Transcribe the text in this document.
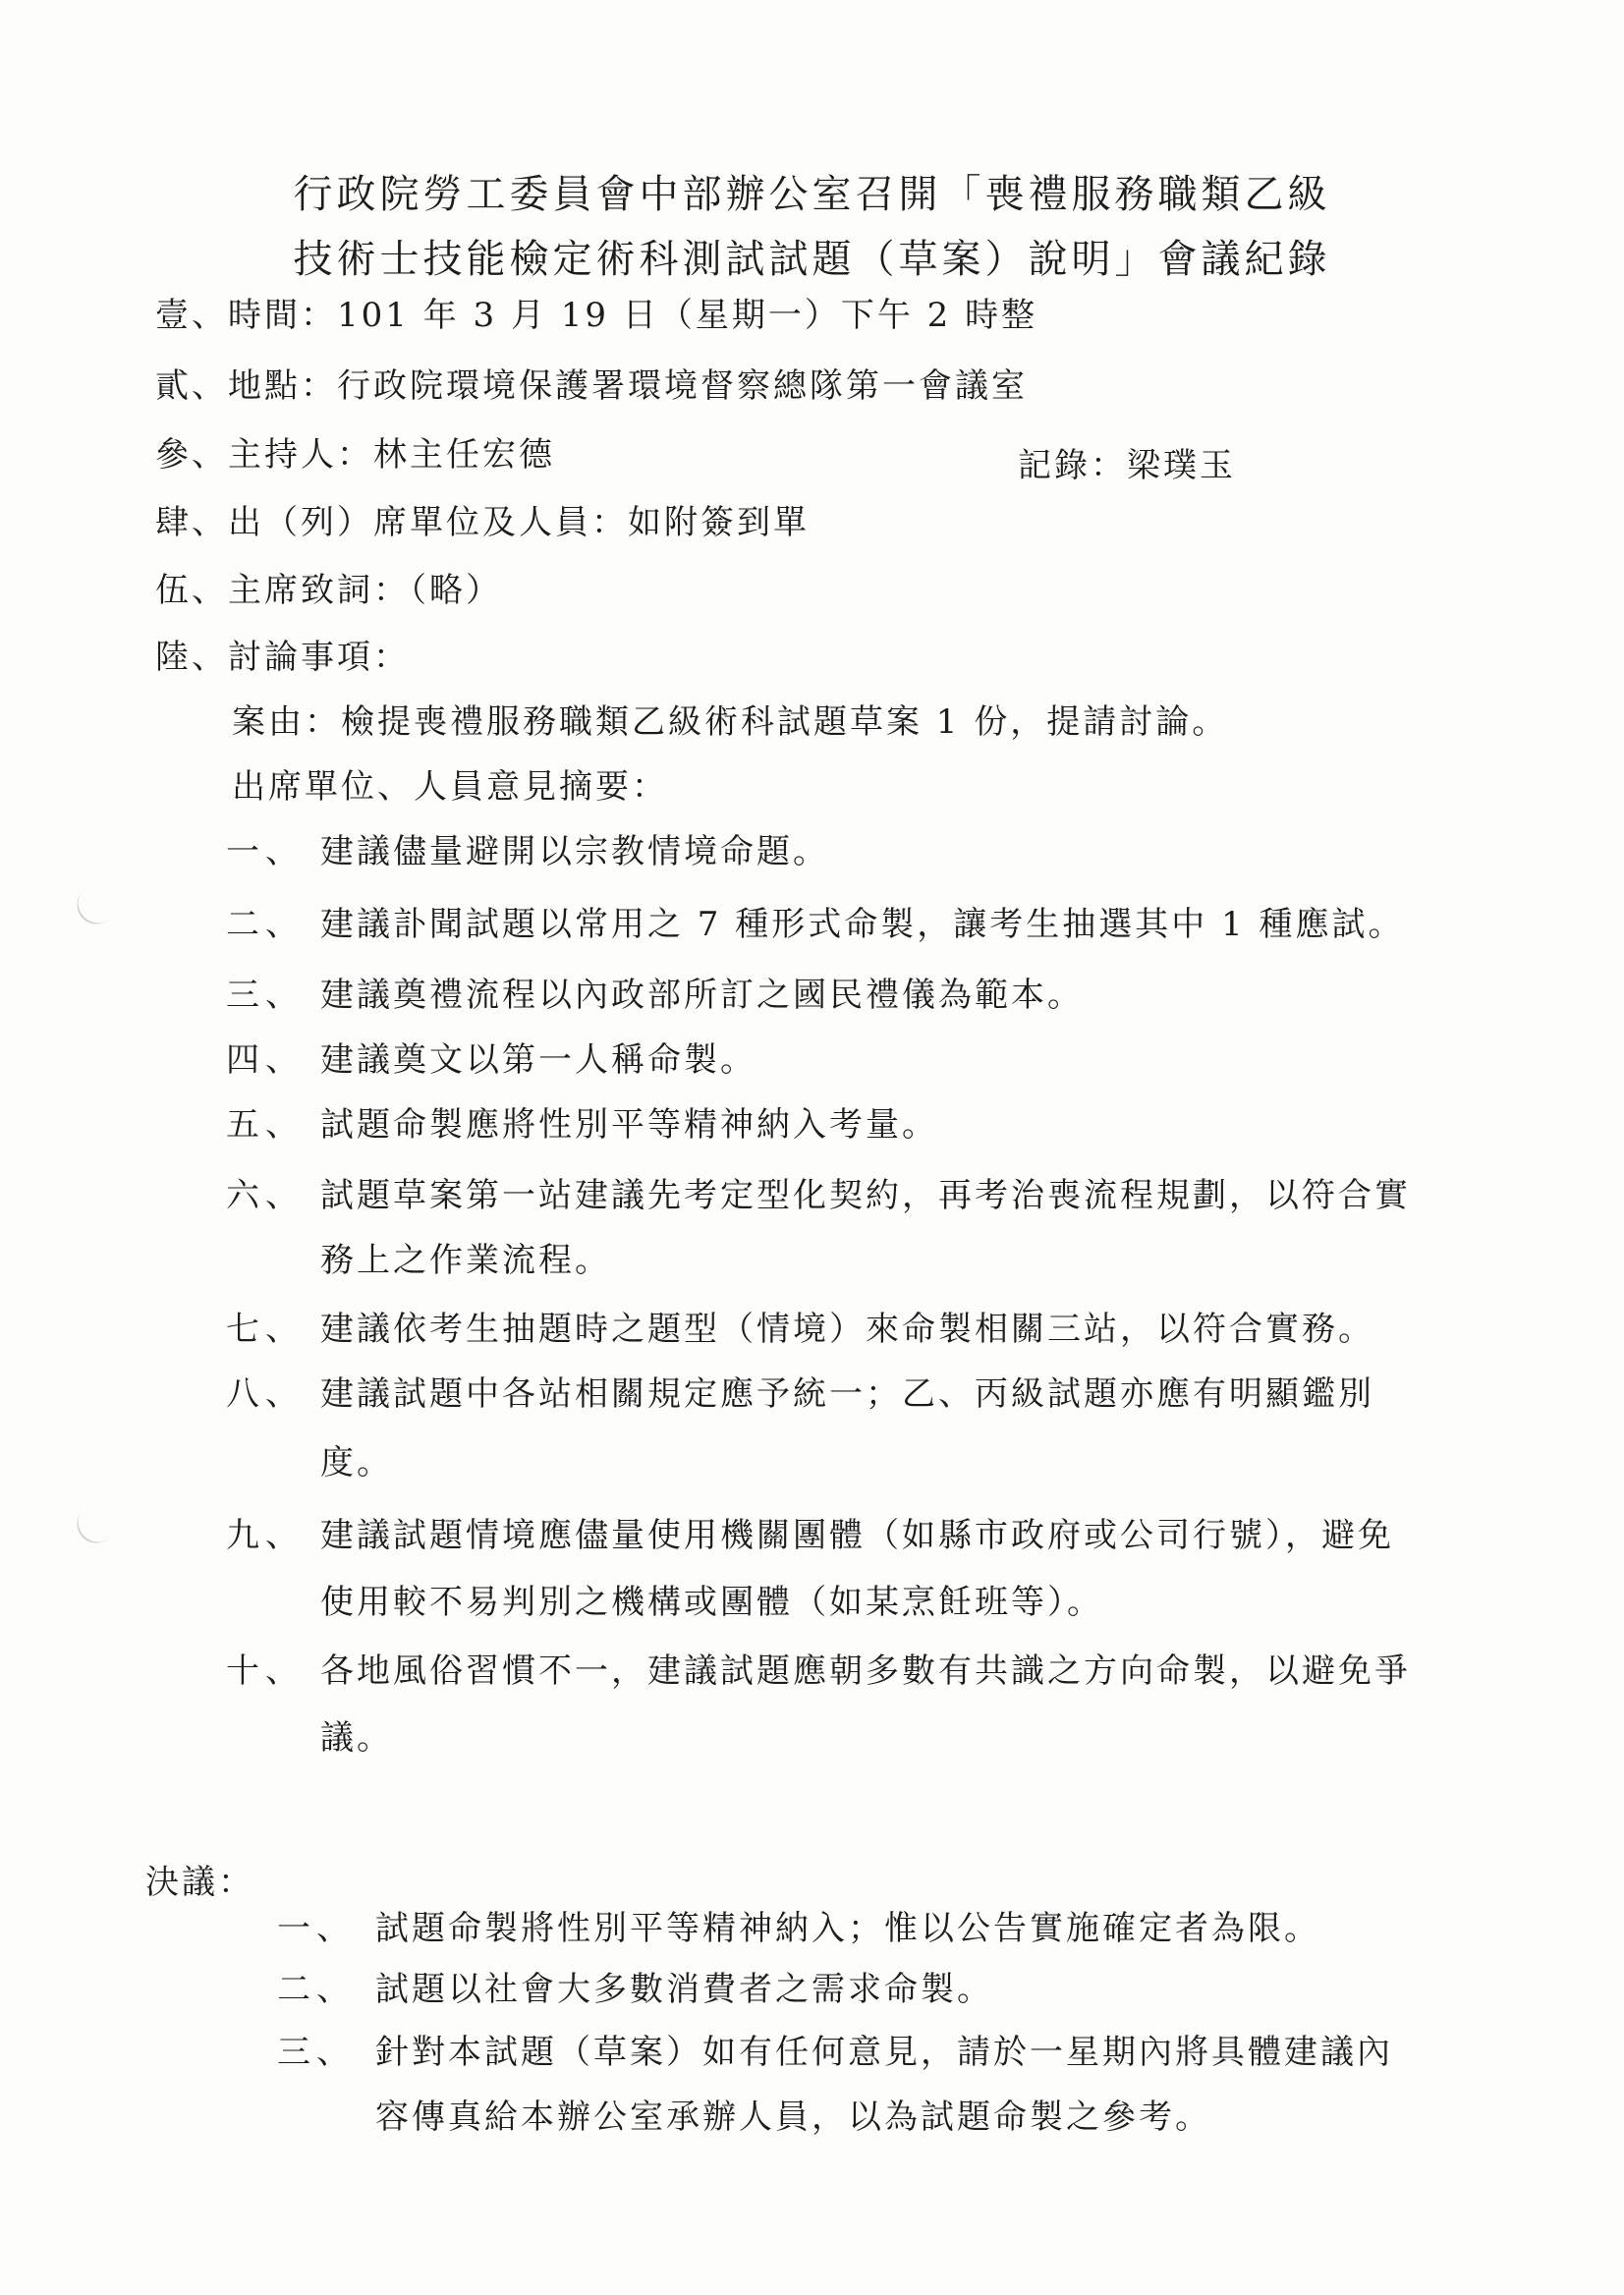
行政院勞工委員會中部辦公室召開「喪禮服務職類乙級
技術士技能檢定術科測試試題（草案）說明」會議紀錄
壹、時間：101 年 3 月 19 日（星期一）下午 2 時整
貳、地點：行政院環境保護署環境督察總隊第一會議室
參、主持人：林主任宏德	記錄：梁璞玉
肆、出（列）席單位及人員：如附簽到單
伍、主席致詞：（略）
陸、討論事項：
案由：檢提喪禮服務職類乙級術科試題草案 1 份，提請討論。
出席單位、人員意見摘要：
一、 建議儘量避開以宗教情境命題。
二、 建議訃聞試題以常用之 7 種形式命製，讓考生抽選其中 1 種應試。
三、 建議奠禮流程以內政部所訂之國民禮儀為範本。
四、 建議奠文以第一人稱命製。
五、 試題命製應將性別平等精神納入考量。
六、 試題草案第一站建議先考定型化契約，再考治喪流程規劃，以符合實
務上之作業流程。
七、 建議依考生抽題時之題型（情境）來命製相關三站，以符合實務。
八、 建議試題中各站相關規定應予統一；乙、丙級試題亦應有明顯鑑別
度。
九、 建議試題情境應儘量使用機關團體（如縣市政府或公司行號），避免
使用較不易判別之機構或團體（如某烹飪班等）。
十、 各地風俗習慣不一，建議試題應朝多數有共識之方向命製，以避免爭
議。
決議：
一、 試題命製將性別平等精神納入；惟以公告實施確定者為限。
二、 試題以社會大多數消費者之需求命製。
三、 針對本試題（草案）如有任何意見，請於一星期內將具體建議內
容傳真給本辦公室承辦人員，以為試題命製之參考。
